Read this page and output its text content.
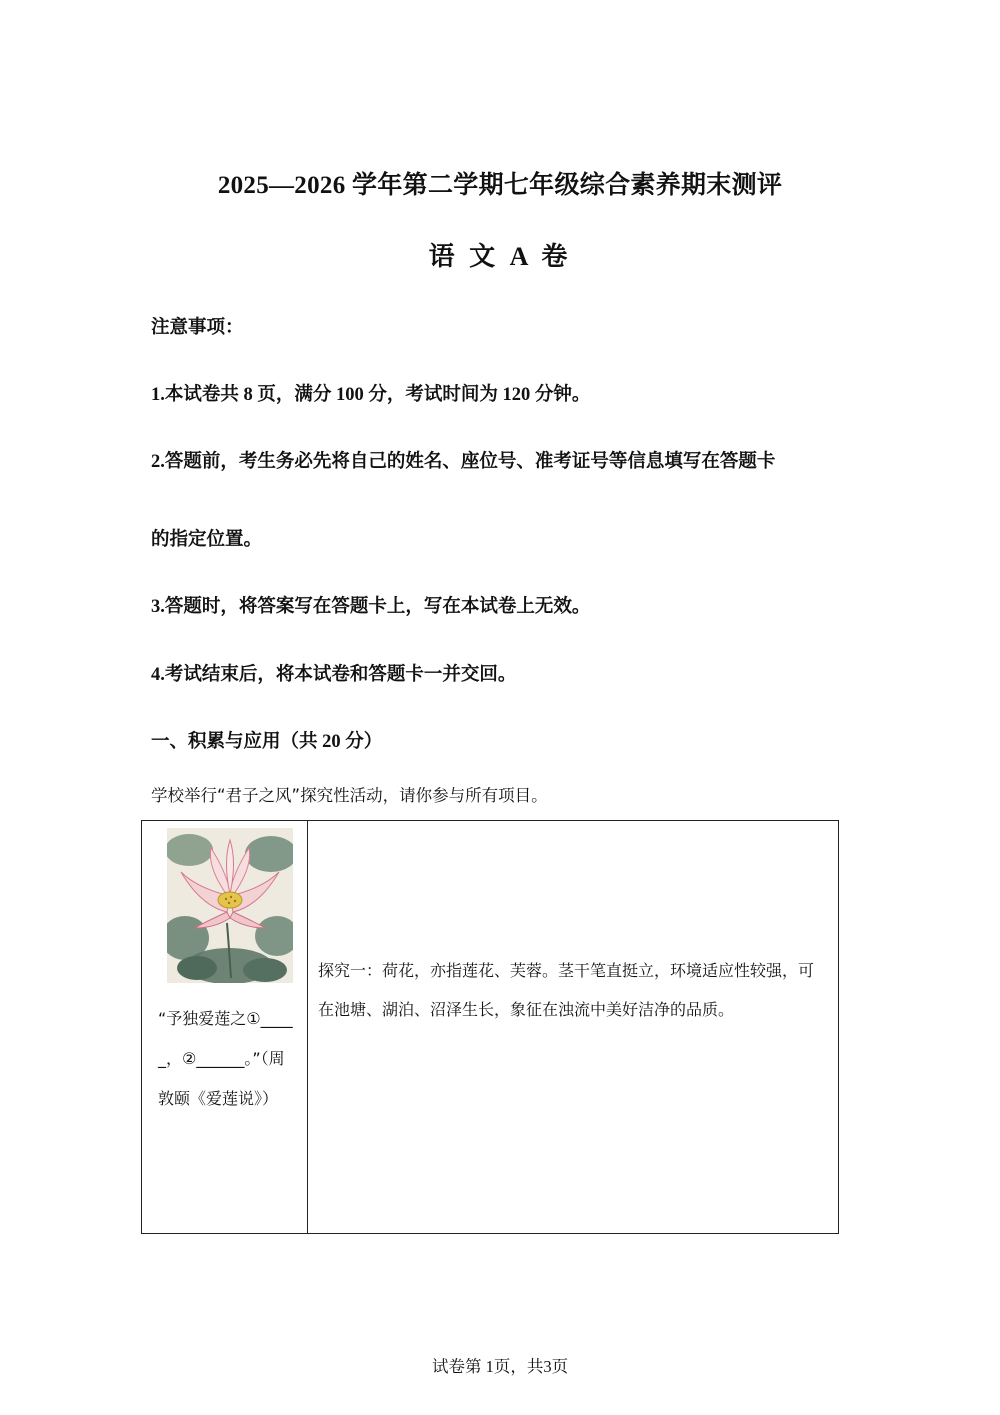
2025—2026 学年第二学期七年级综合素养期末测评
语 文 A 卷
注意事项：
1.本试卷共 8 页，满分 100 分，考试时间为 120 分钟。
2.答题前，考生务必先将自己的姓名、座位号、准考证号等信息填写在答题卡
的指定位置。
3.答题时，将答案写在答题卡上，写在本试卷上无效。
4.考试结束后，将本试卷和答题卡一并交回。
一、积累与应用（共 20 分）
学校举行“君子之风”探究性活动，请你参与所有项目。
“予独爱莲之①_____，②______。”（周敦颐《爱莲说》）
探究一：荷花，亦指莲花、芙蓉。茎干笔直挺立，环境适应性较强，可在池塘、湖泊、沼泽生长，象征在浊流中美好洁净的品质。
试卷第 1页，共3页
